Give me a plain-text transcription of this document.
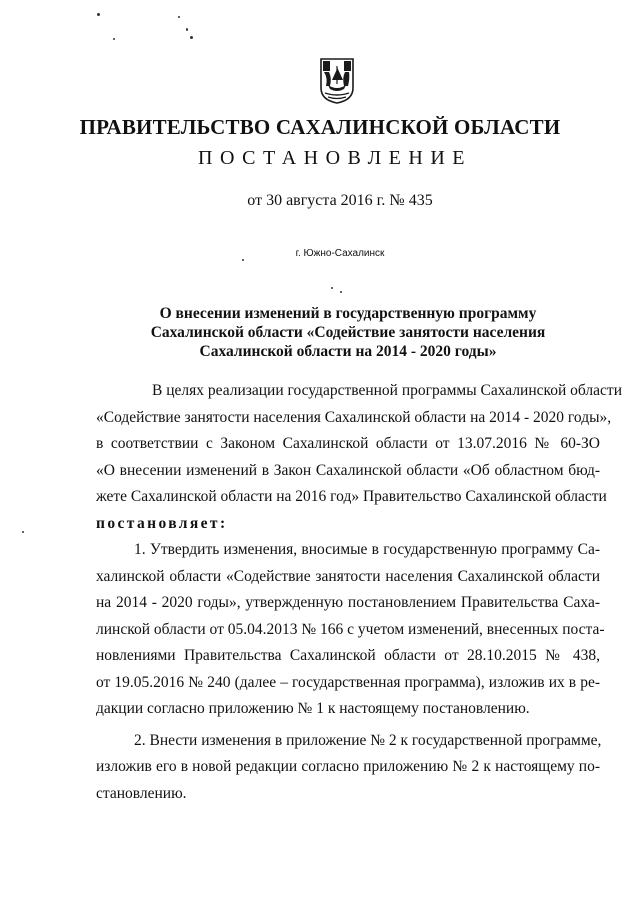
ПРАВИТЕЛЬСТВО САХАЛИНСКОЙ ОБЛАСТИ
ПОСТАНОВЛЕНИЕ
от 30 августа 2016 г. № 435
г. Южно-Сахалинск
О внесении изменений в государственную программу
Сахалинской области «Содействие занятости населения
Сахалинской области на 2014 - 2020 годы»
В целях реализации государственной программы Сахалинской области
«Содействие занятости населения Сахалинской области на 2014 - 2020 годы»,
в соответствии с Законом Сахалинской области от 13.07.2016 № 60-ЗО
«О внесении изменений в Закон Сахалинской области «Об областном бюд-
жете Сахалинской области на 2016 год» Правительство Сахалинской области
постановляет:
1. Утвердить изменения, вносимые в государственную программу Са-
халинской области «Содействие занятости населения Сахалинской области
на 2014 - 2020 годы», утвержденную постановлением Правительства Саха-
линской области от 05.04.2013 № 166 с учетом изменений, внесенных поста-
новлениями Правительства Сахалинской области от 28.10.2015 № 438,
от 19.05.2016 № 240 (далее – государственная программа), изложив их в ре-
дакции согласно приложению № 1 к настоящему постановлению.
2. Внести изменения в приложение № 2 к государственной программе,
изложив его в новой редакции согласно приложению № 2 к настоящему по-
становлению.
